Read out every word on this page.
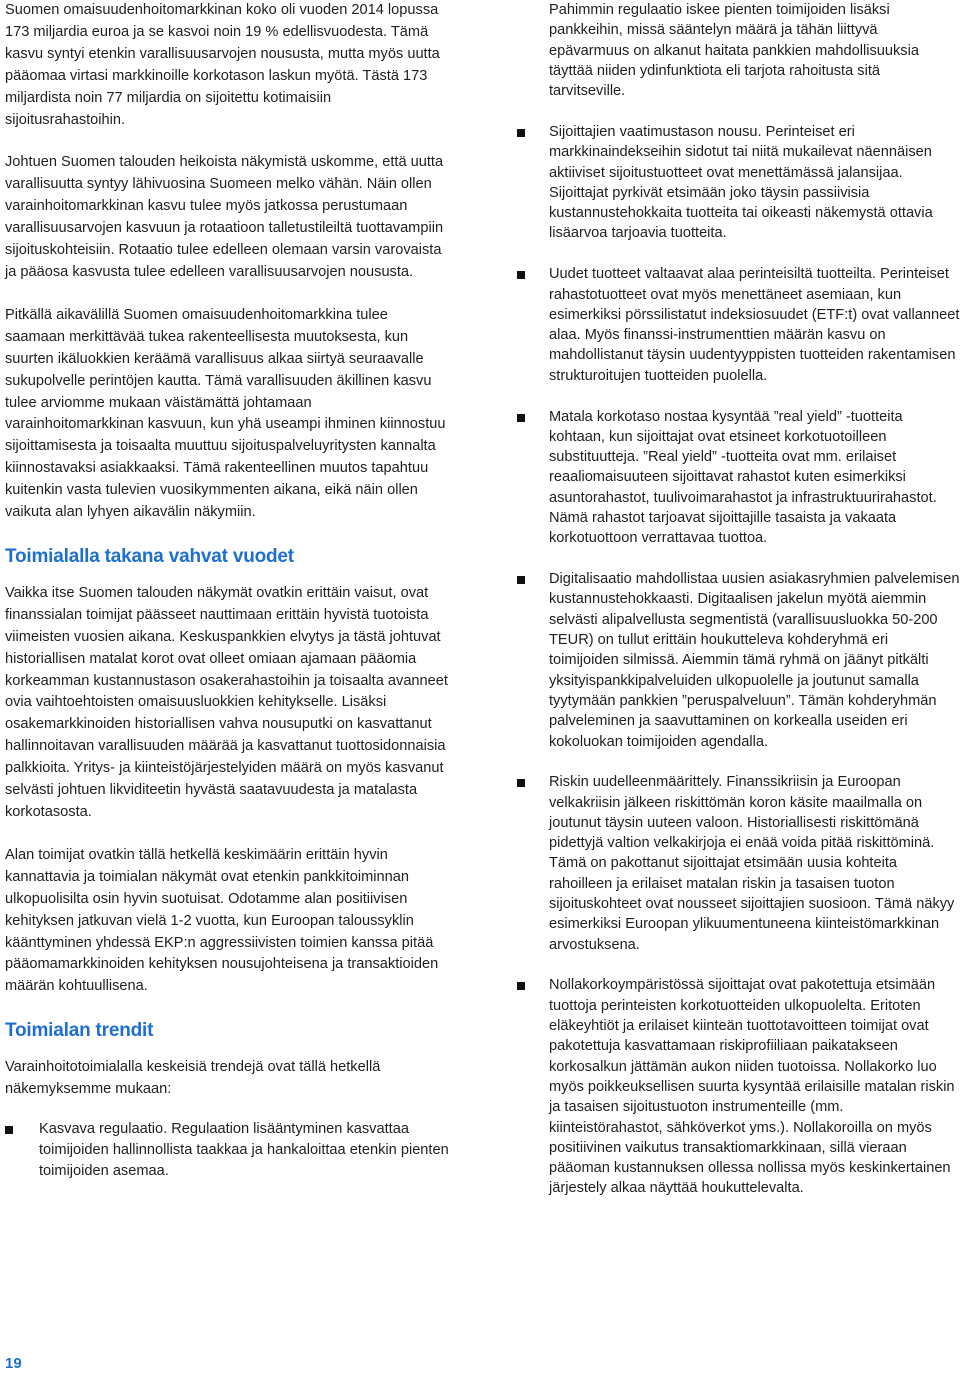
Suomen omaisuudenhoitomarkkinan koko oli vuoden 2014 lopussa 173 miljardia euroa ja se kasvoi noin 19 % edellisvuodesta. Tämä kasvu syntyi etenkin varallisuusarvojen noususta, mutta myös uutta pääomaa virtasi markkinoille korkotason laskun myötä. Tästä 173 miljardista noin 77 miljardia on sijoitettu kotimaisiin sijoitusrahastoihin.

Johtuen Suomen talouden heikoista näkymistä uskomme, että uutta varallisuutta syntyy lähivuosina Suomeen melko vähän. Näin ollen varainhoitomarkkinan kasvu tulee myös jatkossa perustumaan varallisuusarvojen kasvuun ja rotaatioon talletustileiltä tuottavampiin sijoituskohteisiin. Rotaatio tulee edelleen olemaan varsin varovaista ja pääosa kasvusta tulee edelleen varallisuusarvojen noususta.

Pitkällä aikavälillä Suomen omaisuudenhoitomarkkina tulee saamaan merkittävää tukea rakenteellisesta muutoksesta, kun suurten ikäluokkien keräämä varallisuus alkaa siirtyä seuraavalle sukupolvelle perintöjen kautta. Tämä varallisuuden äkillinen kasvu tulee arviomme mukaan väistämättä johtamaan varainhoitomarkkinan kasvuun, kun yhä useampi ihminen kiinnostuu sijoittamisesta ja toisaalta muuttuu sijoituspalveluyritysten kannalta kiinnostavaksi asiakkaaksi. Tämä rakenteellinen muutos tapahtuu kuitenkin vasta tulevien vuosikymmenten aikana, eikä näin ollen vaikuta alan lyhyen aikavälin näkymiin.

Toimialalla takana vahvat vuodet

Vaikka itse Suomen talouden näkymät ovatkin erittäin vaisut, ovat finanssialan toimijat päässeet nauttimaan erittäin hyvistä tuotoista viimeisten vuosien aikana. Keskuspankkien elvytys ja tästä johtuvat historiallisen matalat korot ovat olleet omiaan ajamaan pääomia korkeamman kustannustason osakerahastoihin ja toisaalta avanneet ovia vaihtoehtoisten omaisuusluokkien kehitykselle. Lisäksi osakemarkkinoiden historiallisen vahva nousuputki on kasvattanut hallinnoitavan varallisuuden määrää ja kasvattanut tuottosidonnaisia palkkioita. Yritys- ja kiinteistöjärjestelyiden määrä on myös kasvanut selvästi johtuen likviditeetin hyvästä saatavuudesta ja matalasta korkotasosta.

Alan toimijat ovatkin tällä hetkellä keskimäärin erittäin hyvin kannattavia ja toimialan näkymät ovat etenkin pankkitoiminnan ulkopuolisilta osin hyvin suotuisat. Odotamme alan positiivisen kehityksen jatkuvan vielä 1-2 vuotta, kun Euroopan taloussyklin käänttyminen yhdessä EKP:n aggressiivisten toimien kanssa pitää pääomamarkkinoiden kehityksen nousujohteisena ja transaktioiden määrän kohtuullisena.

Toimialan trendit

Varainhoitotoimialalla keskeisiä trendejä ovat tällä hetkellä näkemyksemme mukaan:

Kasvava regulaatio. Regulaation lisääntyminen kasvattaa toimijoiden hallinnollista taakkaa ja hankaloittaa etenkin pienten toimijoiden asemaa.

Pahimmin regulaatio iskee pienten toimijoiden lisäksi pankkeihin, missä sääntelyn määrä ja tähän liittyvä epävarmuus on alkanut haitata pankkien mahdollisuuksia täyttää niiden ydinfunktiota eli tarjota rahoitusta sitä tarvitseville.

Sijoittajien vaatimustason nousu. Perinteiset eri markkinaindekseihin sidotut tai niitä mukailevat näennäisen aktiiviset sijoitustuotteet ovat menettämässä jalansijaa. Sijoittajat pyrkivät etsimään joko täysin passiivisia kustannustehokkaita tuotteita tai oikeasti näkemystä ottavia lisäarvoa tarjoavia tuotteita.
Uudet tuotteet valtaavat alaa perinteisiltä tuotteilta. Perinteiset rahastotuotteet ovat myös menettäneet asemiaan, kun esimerkiksi pörssilistatut indeksiosuudet (ETF:t) ovat vallanneet alaa. Myös finanssi-instrumenttien määrän kasvu on mahdollistanut täysin uudentyyppisten tuotteiden rakentamisen strukturoitujen tuotteiden puolella.
Matala korkotaso nostaa kysyntää ”real yield” -tuotteita kohtaan, kun sijoittajat ovat etsineet korkotuotoilleen substituutteja. ”Real yield” -tuotteita ovat mm. erilaiset reaaliomaisuuteen sijoittavat rahastot kuten esimerkiksi asuntorahastot, tuulivoimarahastot ja infrastruktuurirahastot. Nämä rahastot tarjoavat sijoittajille tasaista ja vakaata korkotuottoon verrattavaa tuottoa.
Digitalisaatio mahdollistaa uusien asiakasryhmien palvelemisen kustannustehokkaasti. Digitaalisen jakelun myötä aiemmin selvästi alipalvellusta segmentistä (varallisuusluokka 50-200 TEUR) on tullut erittäin houkutteleva kohderyhmä eri toimijoiden silmissä. Aiemmin tämä ryhmä on jäänyt pitkälti yksityispankkipalveluiden ulkopuolelle ja joutunut samalla tyytymään pankkien ”peruspalveluun”. Tämän kohderyhmän palveleminen ja saavuttaminen on korkealla useiden eri kokoluokan toimijoiden agendalla.
Riskin uudelleenmäärittely. Finanssikriisin ja Euroopan velkakriisin jälkeen riskittömän koron käsite maailmalla on joutunut täysin uuteen valoon. Historiallisesti riskittömänä pidettyjä valtion velkakirjoja ei enää voida pitää riskittöminä. Tämä on pakottanut sijoittajat etsimään uusia kohteita rahoilleen ja erilaiset matalan riskin ja tasaisen tuoton sijoituskohteet ovat nousseet sijoittajien suosioon. Tämä näkyy esimerkiksi Euroopan ylikuumentuneena kiinteistömarkkinan arvostuksena.
Nollakorkoympäristössä sijoittajat ovat pakotettuja etsimään tuottoja perinteisten korkotuotteiden ulkopuolelta. Eritoten eläkeyhtiöt ja erilaiset kiinteän tuottotavoitteen toimijat ovat pakotettuja kasvattamaan riskiprofiiliaan paikatakseen korkosalkun jättämän aukon niiden tuotoissa. Nollakorko luo myös poikkeuksellisen suurta kysyntää erilaisille matalan riskin ja tasaisen sijoitustuoton instrumenteille (mm. kiinteistörahastot, sähköverkot yms.). Nollakoroilla on myös positiivinen vaikutus transaktiomarkkinaan, sillä vieraan pääoman kustannuksen ollessa nollissa myös keskinkertainen järjestely alkaa näyttää houkuttelevalta.
19
